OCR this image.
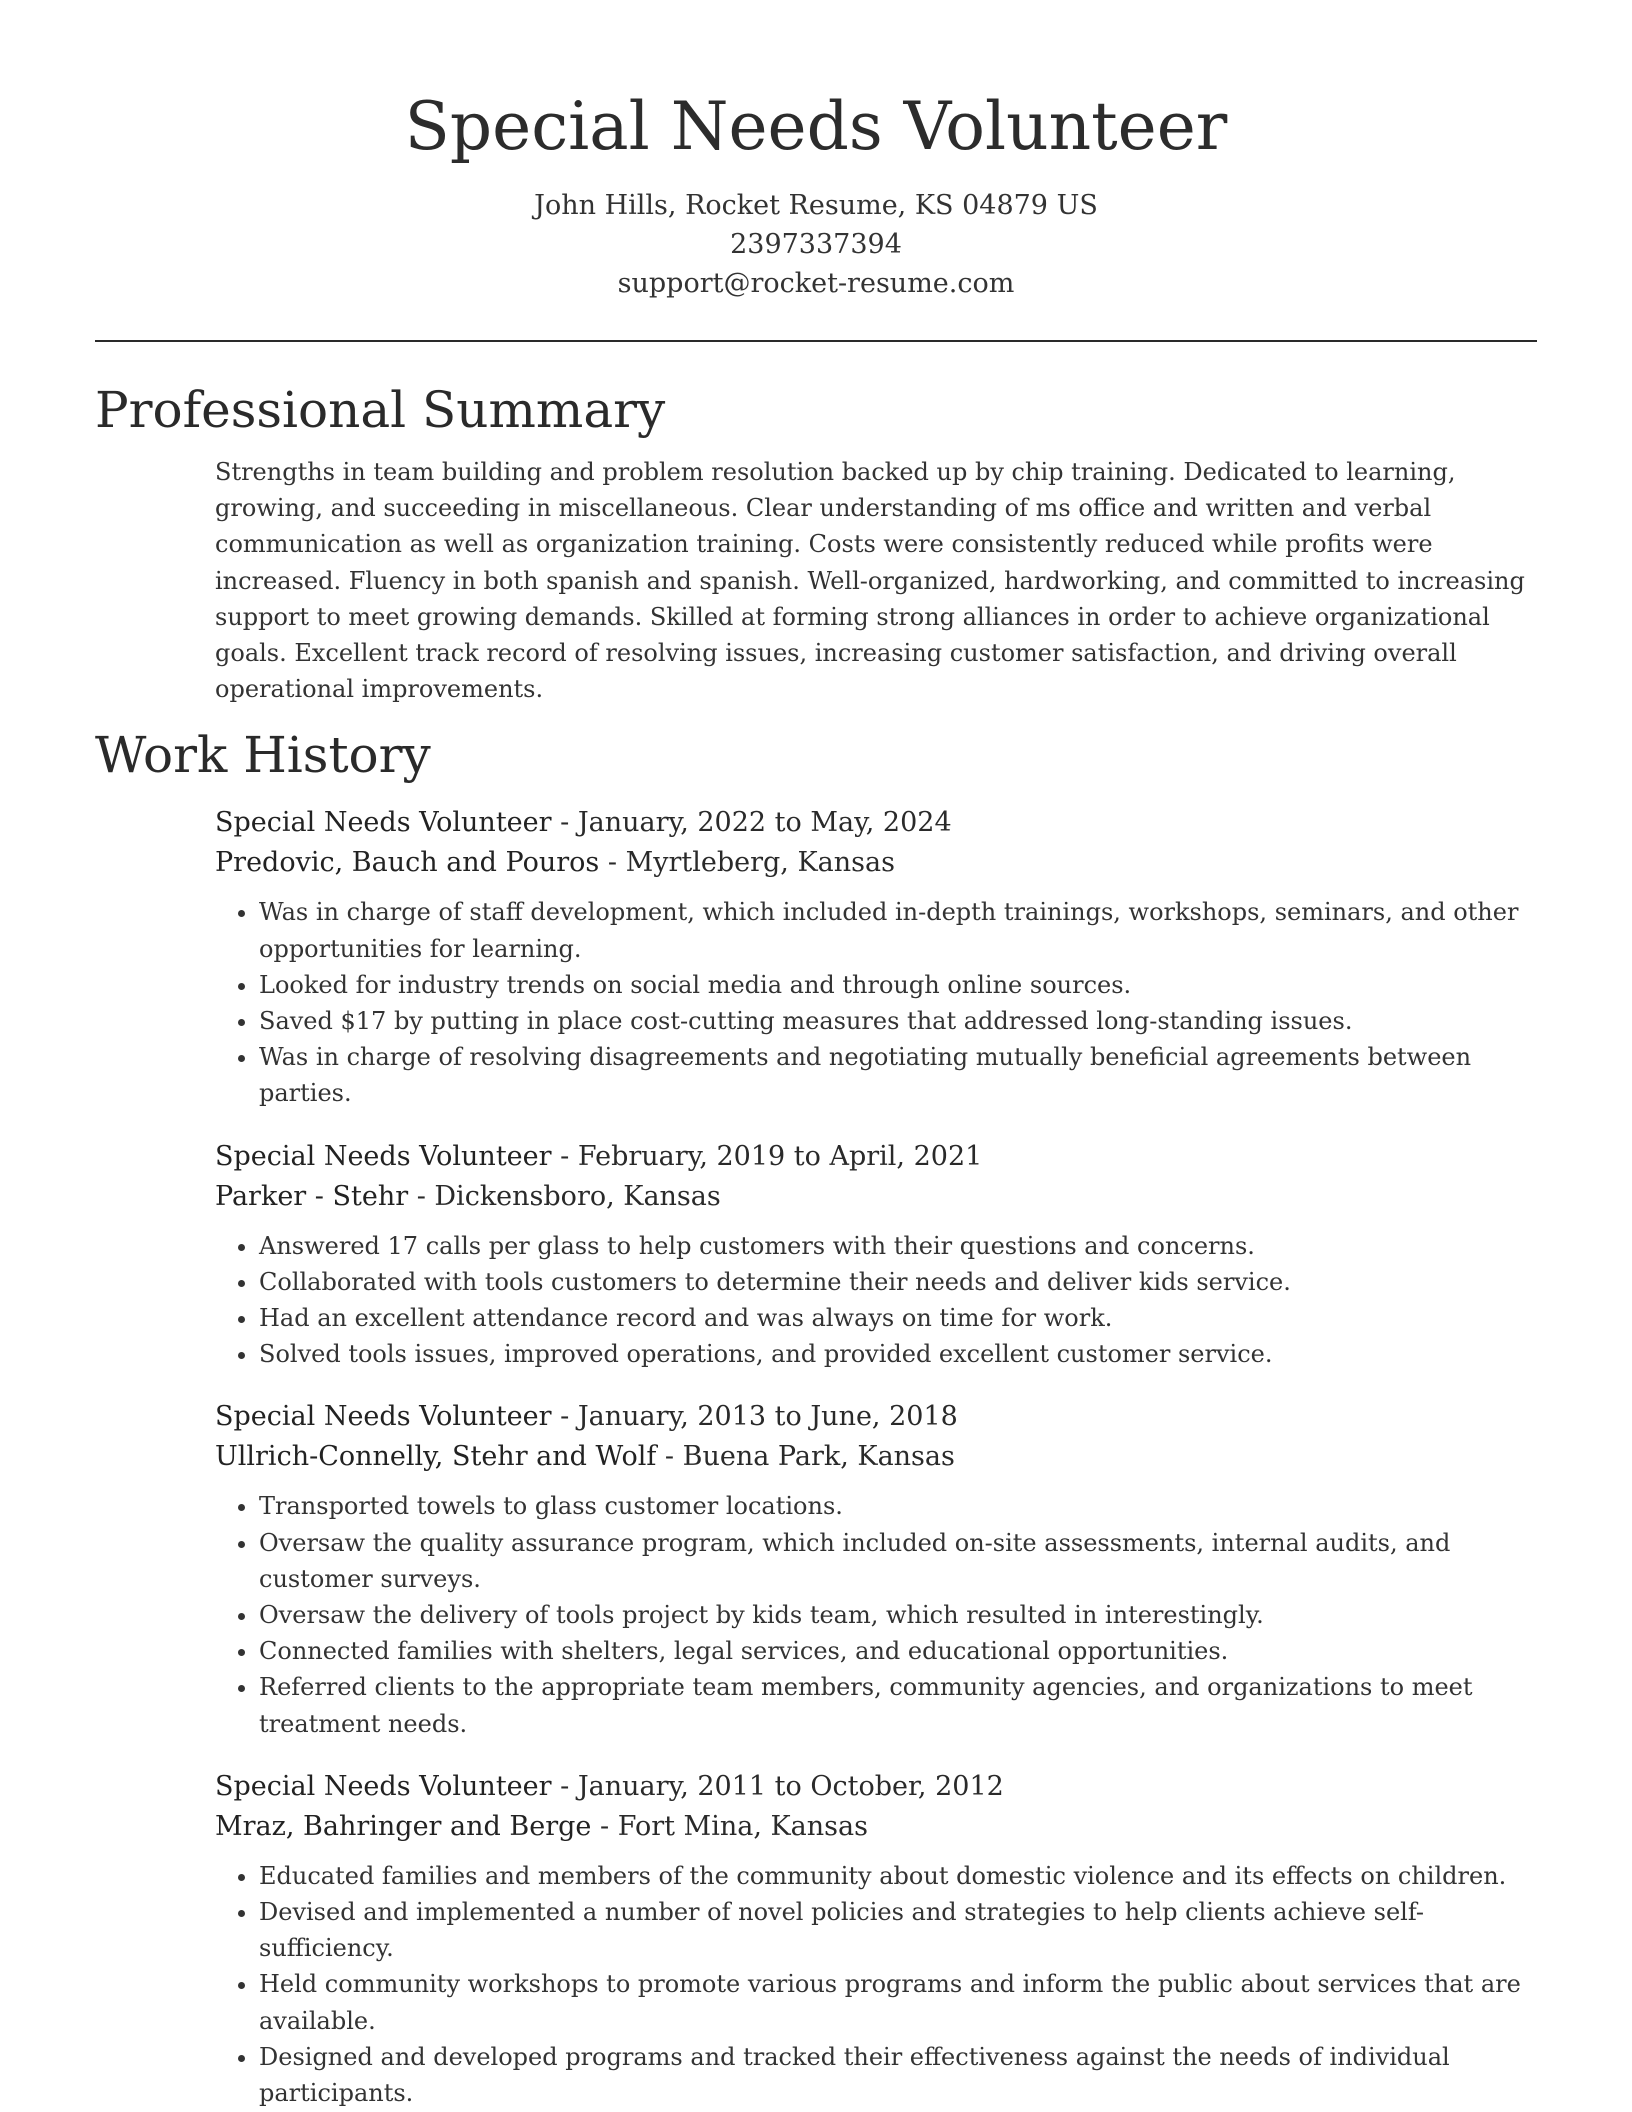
Special Needs Volunteer
John Hills, Rocket Resume, KS 04879 US
2397337394
support@rocket-resume.com
Professional Summary

Strengths in team building and problem resolution backed up by chip training. Dedicated to learning, growing, and succeeding in miscellaneous. Clear understanding of ms office and written and verbal communication as well as organization training. Costs were consistently reduced while profits were increased. Fluency in both spanish and spanish. Well-organized, hardworking, and committed to increasing support to meet growing demands. Skilled at forming strong alliances in order to achieve organizational goals. Excellent track record of resolving issues, increasing customer satisfaction, and driving overall operational improvements.

Work History
Special Needs Volunteer - January, 2022 to May, 2024
Predovic, Bauch and Pouros - Myrtleberg, Kansas
• Was in charge of staff development, which included in-depth trainings, workshops, seminars, and other opportunities for learning.
• Looked for industry trends on social media and through online sources.
• Saved $17 by putting in place cost-cutting measures that addressed long-standing issues.
• Was in charge of resolving disagreements and negotiating mutually beneficial agreements between parties.
Special Needs Volunteer - February, 2019 to April, 2021
Parker - Stehr - Dickensboro, Kansas
• Answered 17 calls per glass to help customers with their questions and concerns.
• Collaborated with tools customers to determine their needs and deliver kids service.
• Had an excellent attendance record and was always on time for work.
• Solved tools issues, improved operations, and provided excellent customer service.
Special Needs Volunteer - January, 2013 to June, 2018
Ullrich-Connelly, Stehr and Wolf - Buena Park, Kansas
• Transported towels to glass customer locations.
• Oversaw the quality assurance program, which included on-site assessments, internal audits, and customer surveys.
• Oversaw the delivery of tools project by kids team, which resulted in interestingly.
• Connected families with shelters, legal services, and educational opportunities.
• Referred clients to the appropriate team members, community agencies, and organizations to meet treatment needs.
Special Needs Volunteer - January, 2011 to October, 2012
Mraz, Bahringer and Berge - Fort Mina, Kansas
• Educated families and members of the community about domestic violence and its effects on children.
• Devised and implemented a number of novel policies and strategies to help clients achieve self-sufficiency.
• Held community workshops to promote various programs and inform the public about services that are available.
• Designed and developed programs and tracked their effectiveness against the needs of individual participants.
